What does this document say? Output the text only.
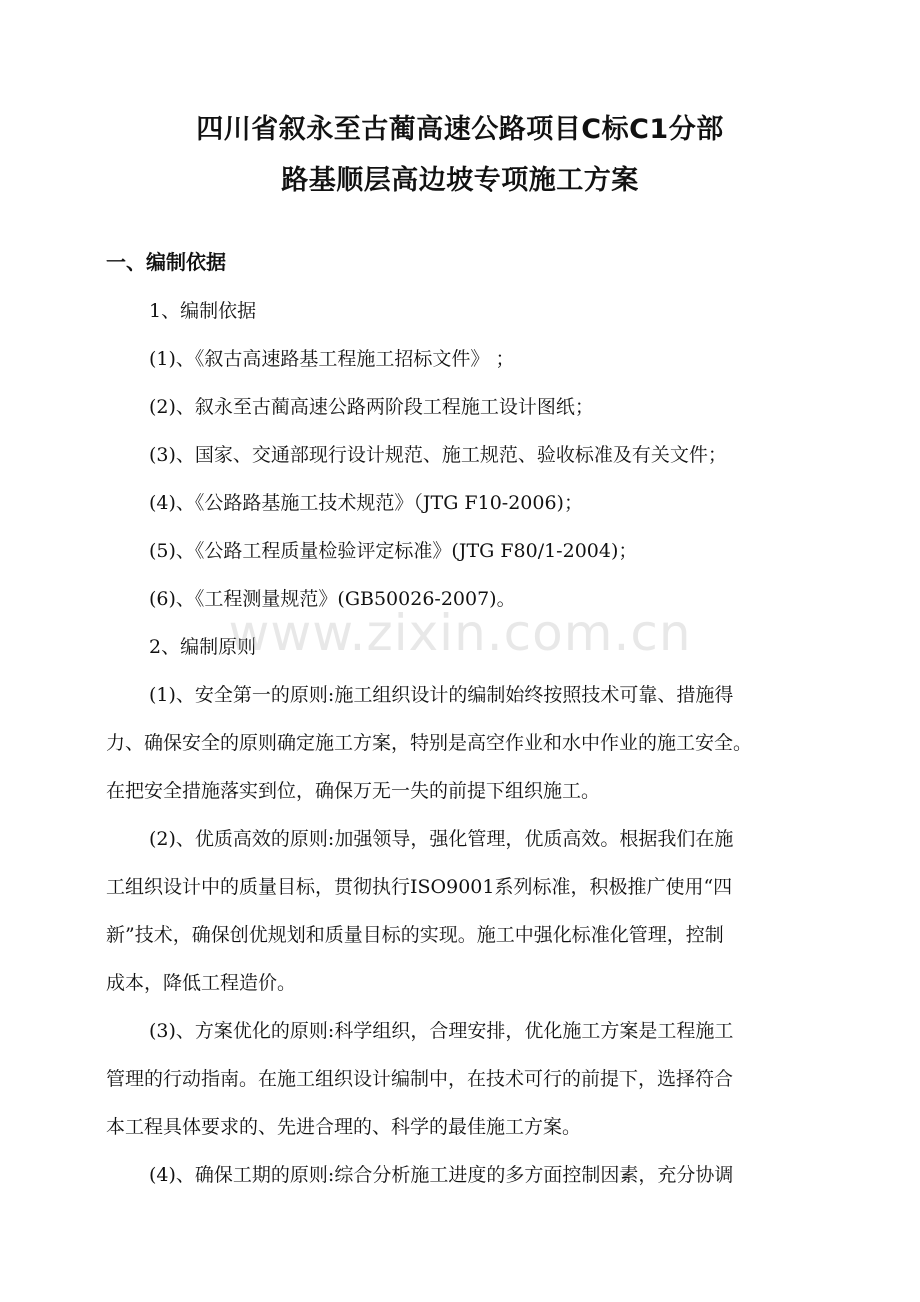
四川省叙永至古蔺高速公路项目C标C1分部
路基顺层高边坡专项施工方案
一、编制依据
1、编制依据
(1)、《叙古高速路基工程施工招标文件》 ；
(2)、叙永至古蔺高速公路两阶段工程施工设计图纸；
(3)、国家、交通部现行设计规范、施工规范、验收标准及有关文件；
(4)、《公路路基施工技术规范》（JTG F10-2006)；
(5)、《公路工程质量检验评定标准》(JTG F80/1-2004)；
(6)、《工程测量规范》(GB50026-2007)。
2、编制原则
(1)、安全第一的原则:施工组织设计的编制始终按照技术可靠、措施得
力、确保安全的原则确定施工方案，特别是高空作业和水中作业的施工安全。
在把安全措施落实到位，确保万无一失的前提下组织施工。
(2)、优质高效的原则:加强领导，强化管理，优质高效。根据我们在施
工组织设计中的质量目标，贯彻执行ISO9001系列标准，积极推广使用“四
新”技术，确保创优规划和质量目标的实现。施工中强化标准化管理，控制
成本，降低工程造价。
(3)、方案优化的原则:科学组织，合理安排，优化施工方案是工程施工
管理的行动指南。在施工组织设计编制中，在技术可行的前提下，选择符合
本工程具体要求的、先进合理的、科学的最佳施工方案。
(4)、确保工期的原则:综合分析施工进度的多方面控制因素，充分协调
www.zixin.com.cn
